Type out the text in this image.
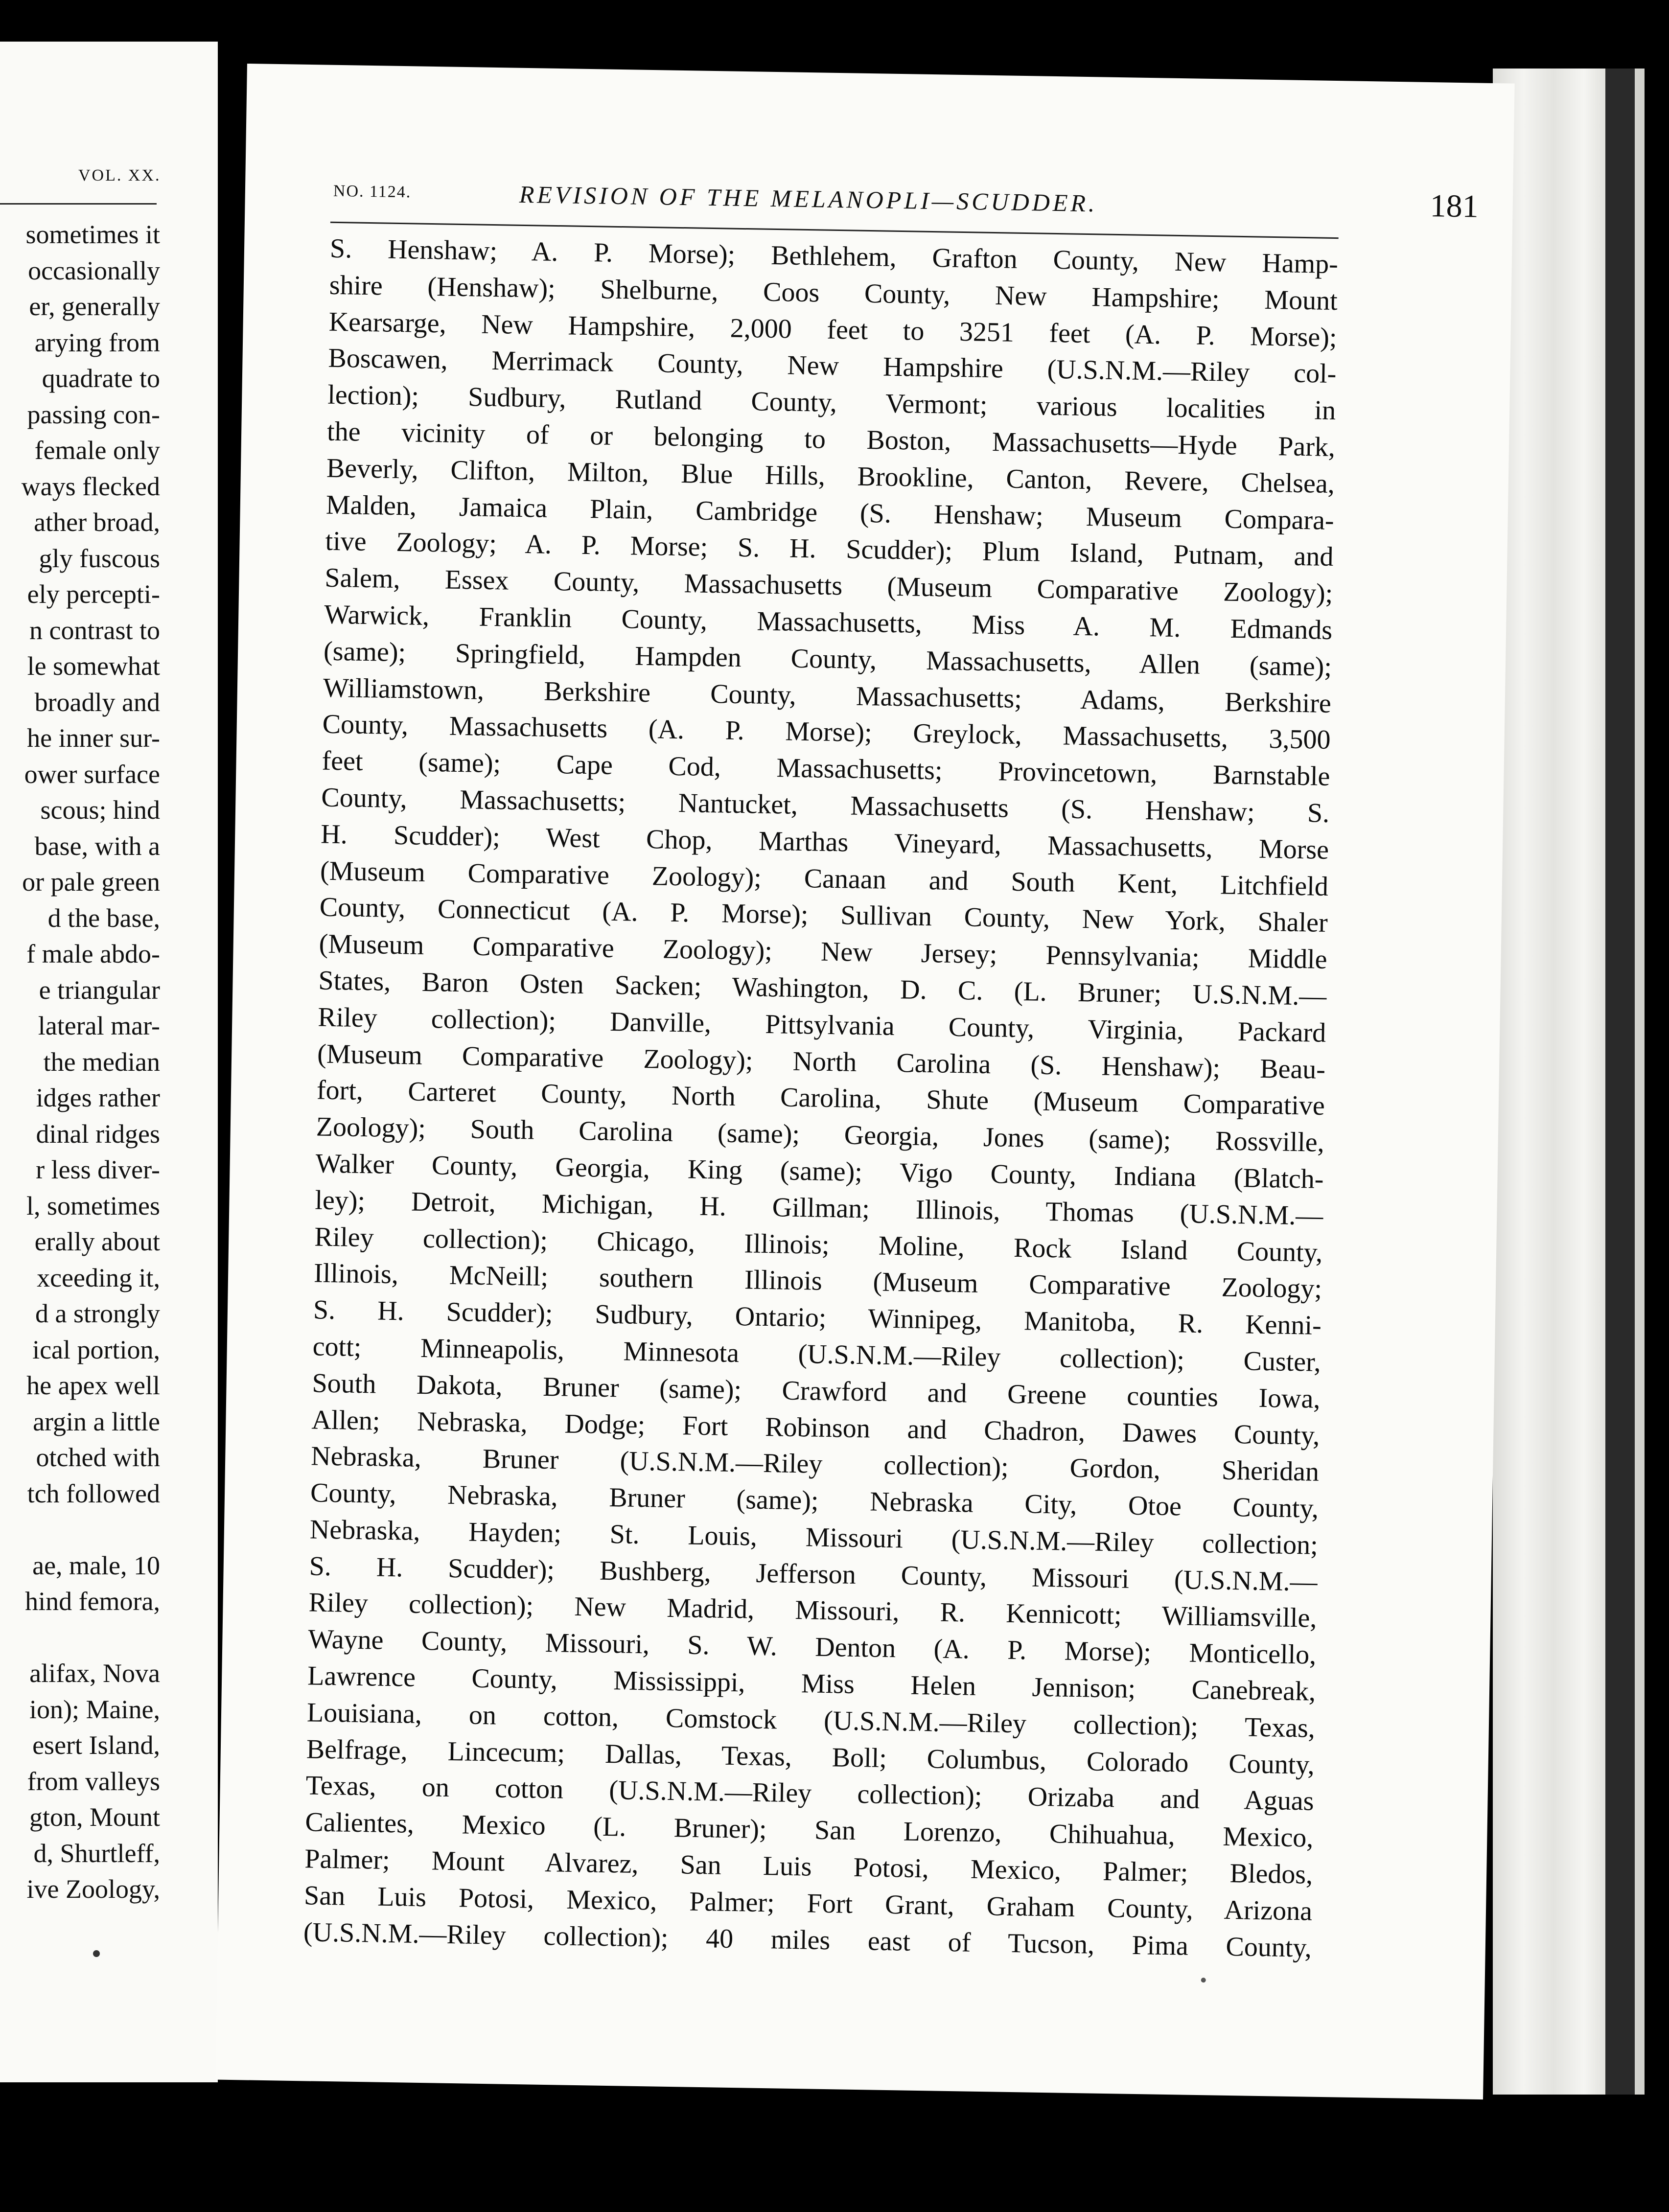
VOL. XX.
sometimes it
occasionally
er, generally
arying from
quadrate to
passing con-
female only
ways flecked
ather broad,
gly fuscous
ely percepti-
n contrast to
le somewhat
broadly and
he inner sur-
ower surface
scous; hind
base, with a
or pale green
d the base,
f male abdo-
e triangular
lateral mar-
the median
idges rather
dinal ridges
r less diver-
l, sometimes
erally about
xceeding it,
d a strongly
ical portion,
he apex well
argin a little
otched with
tch followed
ae, male, 10
hind femora,
alifax, Nova
ion); Maine,
esert Island,
from valleys
gton, Mount
d, Shurtleff,
ive Zoology,
NO. 1124.	REVISION OF THE MELANOPLI—SCUDDER.	181
S. Henshaw; A. P. Morse); Bethlehem, Grafton County, New Hamp-
shire (Henshaw); Shelburne, Coos County, New Hampshire; Mount
Kearsarge, New Hampshire, 2,000 feet to 3251 feet (A. P. Morse);
Boscawen, Merrimack County, New Hampshire (U.S.N.M.—Riley col-
lection); Sudbury, Rutland County, Vermont; various localities in
the vicinity of or belonging to Boston, Massachusetts—Hyde Park,
Beverly, Clifton, Milton, Blue Hills, Brookline, Canton, Revere, Chelsea,
Malden, Jamaica Plain, Cambridge (S. Henshaw; Museum Compara-
tive Zoology; A. P. Morse; S. H. Scudder); Plum Island, Putnam, and
Salem, Essex County, Massachusetts (Museum Comparative Zoology);
Warwick, Franklin County, Massachusetts, Miss A. M. Edmands
(same); Springfield, Hampden County, Massachusetts, Allen (same);
Williamstown, Berkshire County, Massachusetts; Adams, Berkshire
County, Massachusetts (A. P. Morse); Greylock, Massachusetts, 3,500
feet (same); Cape Cod, Massachusetts; Provincetown, Barnstable
County, Massachusetts; Nantucket, Massachusetts (S. Henshaw; S.
H. Scudder); West Chop, Marthas Vineyard, Massachusetts, Morse
(Museum Comparative Zoology); Canaan and South Kent, Litchfield
County, Connecticut (A. P. Morse); Sullivan County, New York, Shaler
(Museum Comparative Zoology); New Jersey; Pennsylvania; Middle
States, Baron Osten Sacken; Washington, D. C. (L. Bruner; U.S.N.M.—
Riley collection); Danville, Pittsylvania County, Virginia, Packard
(Museum Comparative Zoology); North Carolina (S. Henshaw); Beau-
fort, Carteret County, North Carolina, Shute (Museum Comparative
Zoology); South Carolina (same); Georgia, Jones (same); Rossville,
Walker County, Georgia, King (same); Vigo County, Indiana (Blatch-
ley); Detroit, Michigan, H. Gillman; Illinois, Thomas (U.S.N.M.—
Riley collection); Chicago, Illinois; Moline, Rock Island County,
Illinois, McNeill; southern Illinois (Museum Comparative Zoology;
S. H. Scudder); Sudbury, Ontario; Winnipeg, Manitoba, R. Kenni-
cott; Minneapolis, Minnesota (U.S.N.M.—Riley collection); Custer,
South Dakota, Bruner (same); Crawford and Greene counties Iowa,
Allen; Nebraska, Dodge; Fort Robinson and Chadron, Dawes County,
Nebraska, Bruner (U.S.N.M.—Riley collection); Gordon, Sheridan
County, Nebraska, Bruner (same); Nebraska City, Otoe County,
Nebraska, Hayden; St. Louis, Missouri (U.S.N.M.—Riley collection;
S. H. Scudder); Bushberg, Jefferson County, Missouri (U.S.N.M.—
Riley collection); New Madrid, Missouri, R. Kennicott; Williamsville,
Wayne County, Missouri, S. W. Denton (A. P. Morse); Monticello,
Lawrence County, Mississippi, Miss Helen Jennison; Canebreak,
Louisiana, on cotton, Comstock (U.S.N.M.—Riley collection); Texas,
Belfrage, Lincecum; Dallas, Texas, Boll; Columbus, Colorado County,
Texas, on cotton (U.S.N.M.—Riley collection); Orizaba and Aguas
Calientes, Mexico (L. Bruner); San Lorenzo, Chihuahua, Mexico,
Palmer; Mount Alvarez, San Luis Potosi, Mexico, Palmer; Bledos,
San Luis Potosi, Mexico, Palmer; Fort Grant, Graham County, Arizona
(U.S.N.M.—Riley collection); 40 miles east of Tucson, Pima County,
